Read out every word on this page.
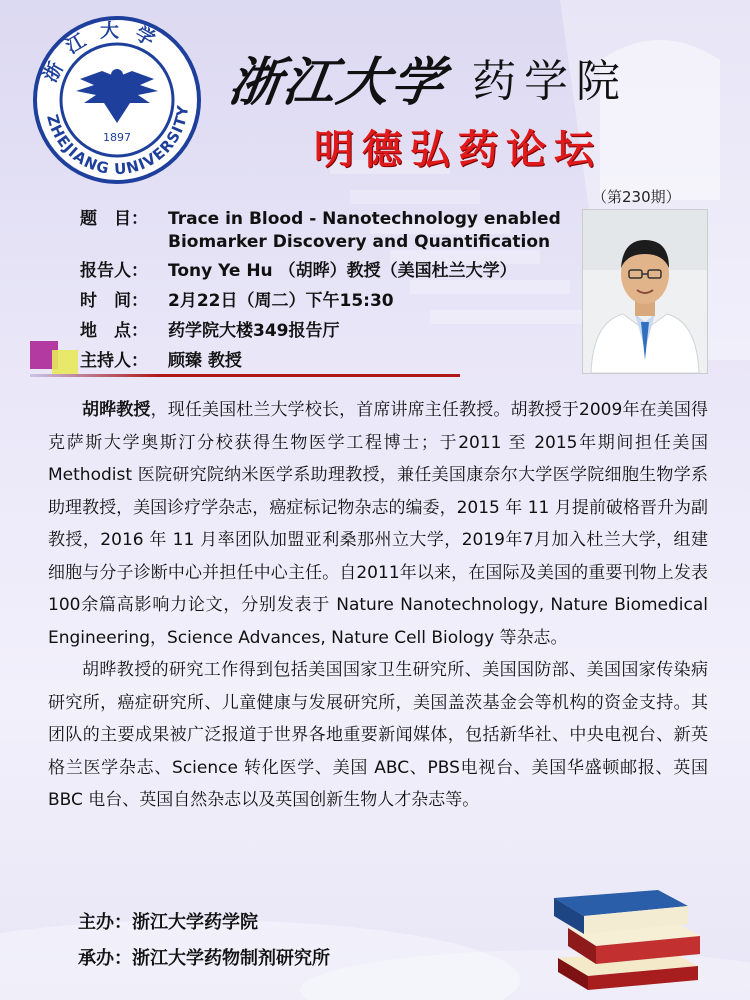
浙江大学
ZHEJIANG UNIVERSITY
1897
浙江大学 药学院
明德弘药论坛
（第230期）
题　目： Trace in Blood - Nanotechnology enabled
Biomarker Discovery and Quantification
报告人： Tony Ye Hu （胡晔）教授（美国杜兰大学）
时　间： 2月22日（周二）下午15:30
地　点： 药学院大楼349报告厅
主持人： 顾臻 教授

胡晔教授，现任美国杜兰大学校长，首席讲席主任教授。胡教授于2009年在美国得克萨斯大学奥斯汀分校获得生物医学工程博士；于2011 至 2015年期间担任美国Methodist 医院研究院纳米医学系助理教授，兼任美国康奈尔大学医学院细胞生物学系助理教授，美国诊疗学杂志，癌症标记物杂志的编委，2015 年 11 月提前破格晋升为副教授，2016 年 11 月率团队加盟亚利桑那州立大学，2019年7月加入杜兰大学，组建细胞与分子诊断中心并担任中心主任。自2011年以来，在国际及美国的重要刊物上发表100余篇高影响力论文，分别发表于 Nature Nanotechnology, Nature Biomedical Engineering，Science Advances, Nature Cell Biology 等杂志。

胡晔教授的研究工作得到包括美国国家卫生研究所、美国国防部、美国国家传染病研究所，癌症研究所、儿童健康与发展研究所，美国盖茨基金会等机构的资金支持。其团队的主要成果被广泛报道于世界各地重要新闻媒体，包括新华社、中央电视台、新英格兰医学杂志、Science 转化医学、美国 ABC、PBS电视台、美国华盛顿邮报、英国 BBC 电台、英国自然杂志以及英国创新生物人才杂志等。

主办：浙江大学药学院
承办：浙江大学药物制剂研究所
